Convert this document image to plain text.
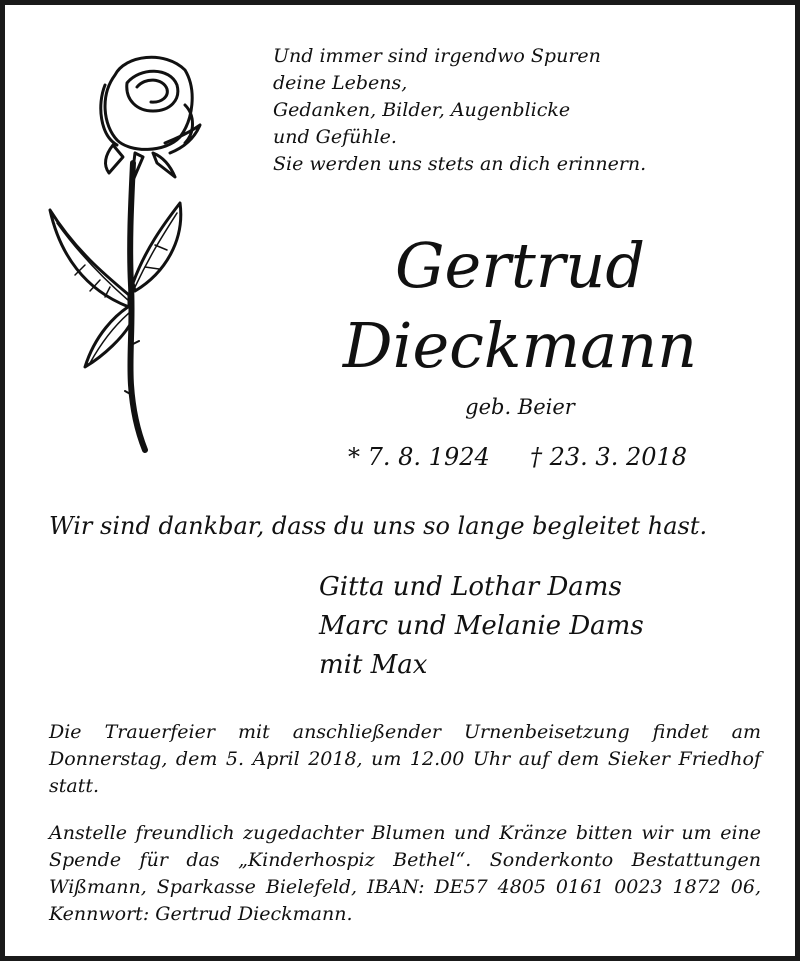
Und immer sind irgendwo Spuren
deine Lebens,
Gedanken, Bilder, Augenblicke
und Gefühle.
Sie werden uns stets an dich erinnern.
Gertrud
Dieckmann
geb. Beier
* 7. 8. 1924 † 23. 3. 2018
Wir sind dankbar, dass du uns so lange begleitet hast.
Gitta und Lothar Dams
Marc und Melanie Dams
mit Max
Die Trauerfeier mit anschließender Urnenbeisetzung findet am Donnerstag, dem 5. April 2018, um 12.00 Uhr auf dem Sieker Friedhof statt.
Anstelle freundlich zugedachter Blumen und Kränze bitten wir um eine Spende für das „Kinderhospiz Bethel“. Sonderkonto Bestattungen Wißmann, Sparkasse Bielefeld, IBAN: DE57 4805 0161 0023 1872 06, Kennwort: Gertrud Dieckmann.
